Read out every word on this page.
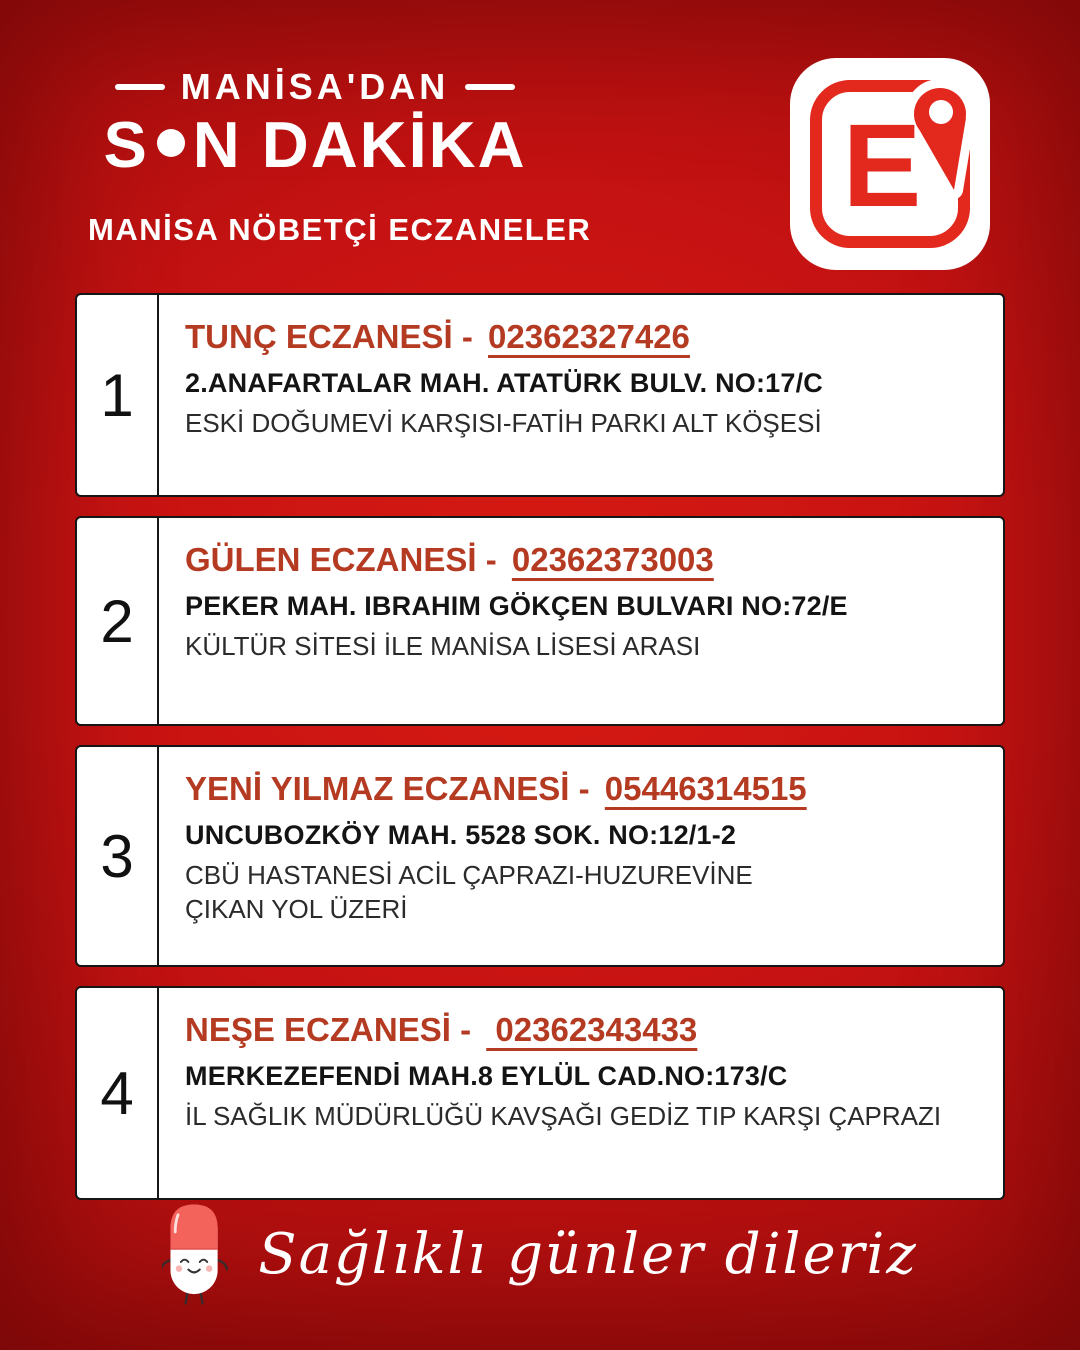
MANİSA'DAN
S N DAKİKA
MANİSA NÖBETÇİ ECZANELER E
1
TUNÇ ECZANESİ - 02362327426
2.ANAFARTALAR MAH. ATATÜRK BULV. NO:17/C
ESKİ DOĞUMEVİ KARŞISI-FATİH PARKI ALT KÖŞESİ
2
GÜLEN ECZANESİ - 02362373003
PEKER MAH. IBRAHIM GÖKÇEN BULVARI NO:72/E
KÜLTÜR SİTESİ İLE MANİSA LİSESİ ARASI
3
YENİ YILMAZ ECZANESİ - 05446314515
UNCUBOZKÖY MAH. 5528 SOK. NO:12/1-2
CBÜ HASTANESİ ACİL ÇAPRAZI-HUZUREVİNE ÇIKAN YOL ÜZERİ
4
NEŞE ECZANESİ -  02362343433
MERKEZEFENDİ MAH.8 EYLÜL CAD.NO:173/C
İL SAĞLIK MÜDÜRLÜĞÜ KAVŞAĞI GEDİZ TIP KARŞI ÇAPRAZI
Sağlıklı günler dileriz
